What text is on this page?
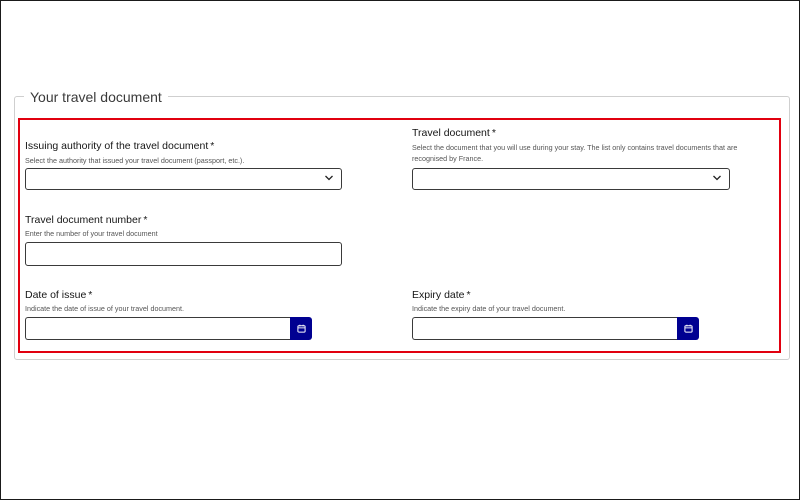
Your travel document
Issuing authority of the travel document *
Select the authority that issued your travel document (passport, etc.).
Travel document *
Select the document that you will use during your stay. The list only contains travel documents that are recognised by France.
Travel document number *
Enter the number of your travel document
Date of issue *
Indicate the date of issue of your travel document.
Expiry date *
Indicate the expiry date of your travel document.
